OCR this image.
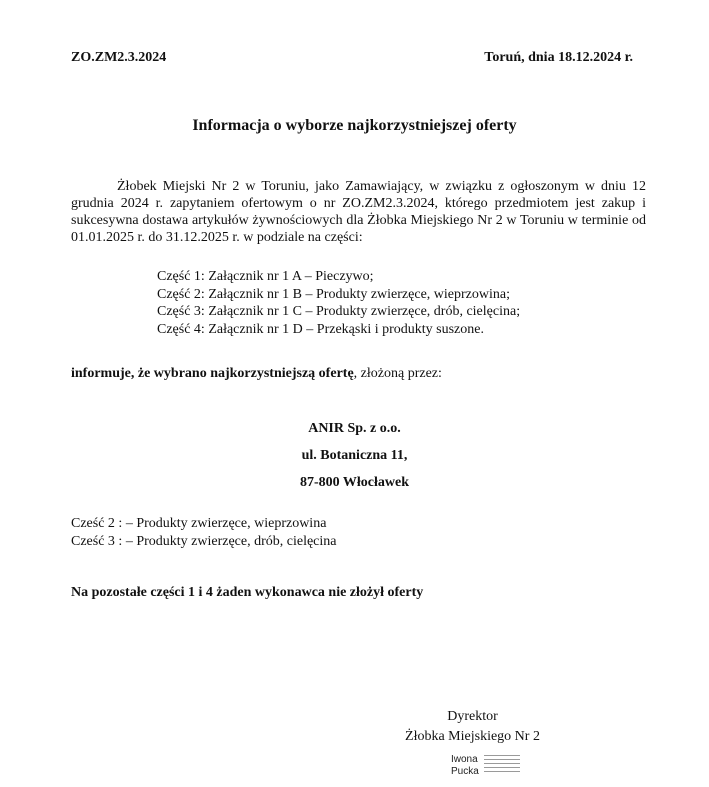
ZO.ZM2.3.2024	Toruń, dnia 18.12.2024 r.
Informacja o wyborze najkorzystniejszej oferty
Żłobek Miejski Nr 2 w Toruniu, jako Zamawiający, w związku z ogłoszonym w dniu 12 grudnia 2024 r. zapytaniem ofertowym o nr ZO.ZM2.3.2024, którego przedmiotem jest zakup i sukcesywna dostawa artykułów żywnościowych dla Żłobka Miejskiego Nr 2 w Toruniu w terminie od 01.01.2025 r. do 31.12.2025 r. w podziale na części:
Część 1: Załącznik nr 1 A – Pieczywo;
Część 2: Załącznik nr 1 B – Produkty zwierzęce, wieprzowina;
Część 3: Załącznik nr 1 C – Produkty zwierzęce, drób, cielęcina;
Część 4: Załącznik nr 1 D – Przekąski i produkty suszone.
informuje, że wybrano najkorzystniejszą ofertę, złożoną przez:
ANIR Sp. z o.o.
ul. Botaniczna 11,
87-800 Włocławek
Cześć 2 : – Produkty zwierzęce, wieprzowina
Cześć 3 : – Produkty zwierzęce, drób, cielęcina
Na pozostałe części 1 i 4 żaden wykonawca nie złożył oferty
Dyrektor
Żłobka Miejskiego Nr 2
Iwona
Pucka
